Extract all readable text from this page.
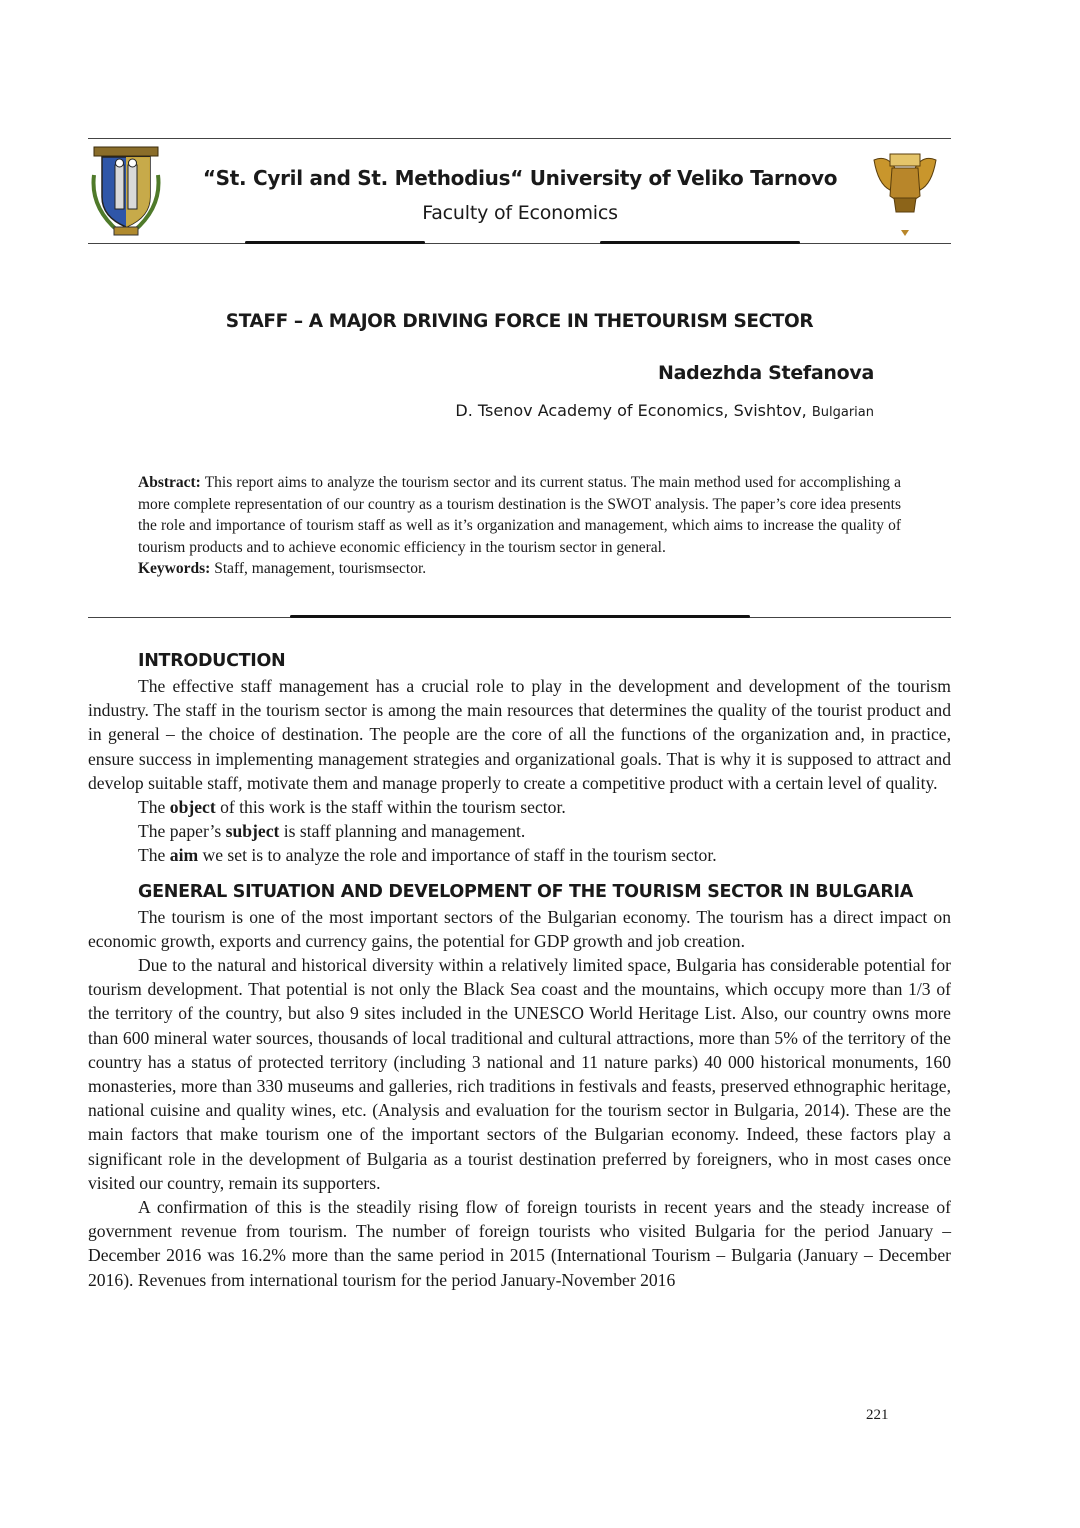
“St. Cyril and St. Methodius“ University of Veliko Tarnovo
Faculty of Economics
STAFF – A MAJOR DRIVING FORCE IN THETOURISM SECTOR
Nadezhda Stefanova
D. Tsenov Academy of Economics, Svishtov, Bulgarian

Abstract: This report aims to analyze the tourism sector and its current status. The main method used for accomplishing a more complete representation of our country as a tourism destination is the SWOT analysis. The paper’s core idea presents the role and importance of tourism staff as well as it’s organization and management, which aims to increase the quality of tourism products and to achieve economic efficiency in the tourism sector in general.

Keywords: Staff, management, tourismsector.

INTRODUCTION

The effective staff management has a crucial role to play in the development and development of the tourism industry. The staff in the tourism sector is among the main resources that determines the quality of the tourist product and in general – the choice of destination. The people are the core of all the functions of the organization and, in practice, ensure success in implementing management strategies and organizational goals. That is why it is supposed to attract and develop suitable staff, motivate them and manage properly to create a competitive product with a certain level of quality.

The object of this work is the staff within the tourism sector.

The paper’s subject is staff planning and management.

The aim we set is to analyze the role and importance of staff in the tourism sector.

GENERAL SITUATION AND DEVELOPMENT OF THE TOURISM SECTOR IN BULGARIA

The tourism is one of the most important sectors of the Bulgarian economy. The tourism has a direct impact on economic growth, exports and currency gains, the potential for GDP growth and job creation.

Due to the natural and historical diversity within a relatively limited space, Bulgaria has considerable potential for tourism development. That potential is not only the Black Sea coast and the mountains, which occupy more than 1/3 of the territory of the country, but also 9 sites included in the UNESCO World Heritage List. Also, our country owns more than 600 mineral water sources, thousands of local traditional and cultural attractions, more than 5% of the territory of the country has a status of protected territory (including 3 national and 11 nature parks) 40 000 historical monuments, 160 monasteries, more than 330 museums and galleries, rich traditions in festivals and feasts, preserved ethnographic heritage, national cuisine and quality wines, etc. (Analysis and evaluation for the tourism sector in Bulgaria, 2014). These are the main factors that make tourism one of the important sectors of the Bulgarian economy. Indeed, these factors play a significant role in the development of Bulgaria as a tourist destination preferred by foreigners, who in most cases once visited our country, remain its supporters.

A confirmation of this is the steadily rising flow of foreign tourists in recent years and the steady increase of government revenue from tourism. The number of foreign tourists who visited Bulgaria for the period January – December 2016 was 16.2% more than the same period in 2015 (International Tourism – Bulgaria (January – December 2016). Revenues from international tourism for the period January-November 2016

221
